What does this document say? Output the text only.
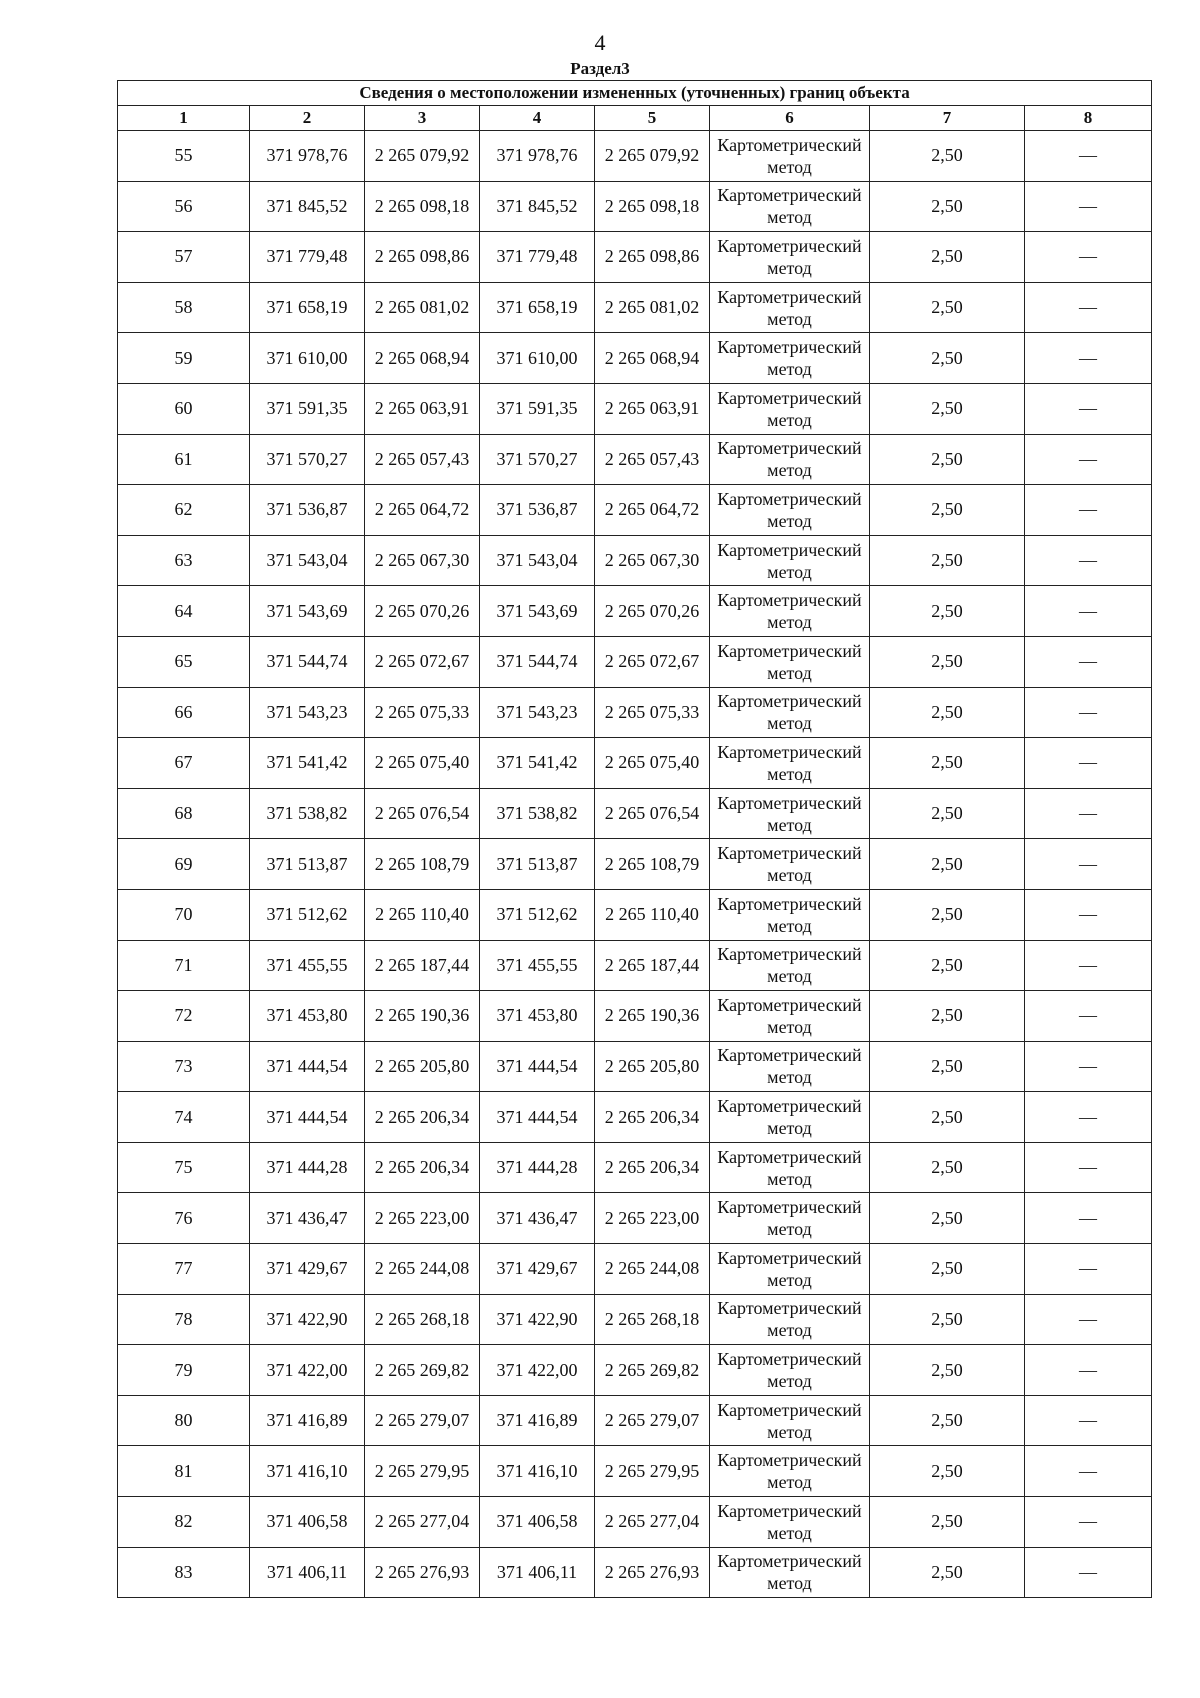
4
Раздел3
Сведения о местоположении измененных (уточненных) границ объекта							
1	2	3	4	5	6	7	8
55	371 978,76	2 265 079,92	371 978,76	2 265 079,92	Картометрический метод	2,50	—
56	371 845,52	2 265 098,18	371 845,52	2 265 098,18	Картометрический метод	2,50	—
57	371 779,48	2 265 098,86	371 779,48	2 265 098,86	Картометрический метод	2,50	—
58	371 658,19	2 265 081,02	371 658,19	2 265 081,02	Картометрический метод	2,50	—
59	371 610,00	2 265 068,94	371 610,00	2 265 068,94	Картометрический метод	2,50	—
60	371 591,35	2 265 063,91	371 591,35	2 265 063,91	Картометрический метод	2,50	—
61	371 570,27	2 265 057,43	371 570,27	2 265 057,43	Картометрический метод	2,50	—
62	371 536,87	2 265 064,72	371 536,87	2 265 064,72	Картометрический метод	2,50	—
63	371 543,04	2 265 067,30	371 543,04	2 265 067,30	Картометрический метод	2,50	—
64	371 543,69	2 265 070,26	371 543,69	2 265 070,26	Картометрический метод	2,50	—
65	371 544,74	2 265 072,67	371 544,74	2 265 072,67	Картометрический метод	2,50	—
66	371 543,23	2 265 075,33	371 543,23	2 265 075,33	Картометрический метод	2,50	—
67	371 541,42	2 265 075,40	371 541,42	2 265 075,40	Картометрический метод	2,50	—
68	371 538,82	2 265 076,54	371 538,82	2 265 076,54	Картометрический метод	2,50	—
69	371 513,87	2 265 108,79	371 513,87	2 265 108,79	Картометрический метод	2,50	—
70	371 512,62	2 265 110,40	371 512,62	2 265 110,40	Картометрический метод	2,50	—
71	371 455,55	2 265 187,44	371 455,55	2 265 187,44	Картометрический метод	2,50	—
72	371 453,80	2 265 190,36	371 453,80	2 265 190,36	Картометрический метод	2,50	—
73	371 444,54	2 265 205,80	371 444,54	2 265 205,80	Картометрический метод	2,50	—
74	371 444,54	2 265 206,34	371 444,54	2 265 206,34	Картометрический метод	2,50	—
75	371 444,28	2 265 206,34	371 444,28	2 265 206,34	Картометрический метод	2,50	—
76	371 436,47	2 265 223,00	371 436,47	2 265 223,00	Картометрический метод	2,50	—
77	371 429,67	2 265 244,08	371 429,67	2 265 244,08	Картометрический метод	2,50	—
78	371 422,90	2 265 268,18	371 422,90	2 265 268,18	Картометрический метод	2,50	—
79	371 422,00	2 265 269,82	371 422,00	2 265 269,82	Картометрический метод	2,50	—
80	371 416,89	2 265 279,07	371 416,89	2 265 279,07	Картометрический метод	2,50	—
81	371 416,10	2 265 279,95	371 416,10	2 265 279,95	Картометрический метод	2,50	—
82	371 406,58	2 265 277,04	371 406,58	2 265 277,04	Картометрический метод	2,50	—
83	371 406,11	2 265 276,93	371 406,11	2 265 276,93	Картометрический метод	2,50	—
